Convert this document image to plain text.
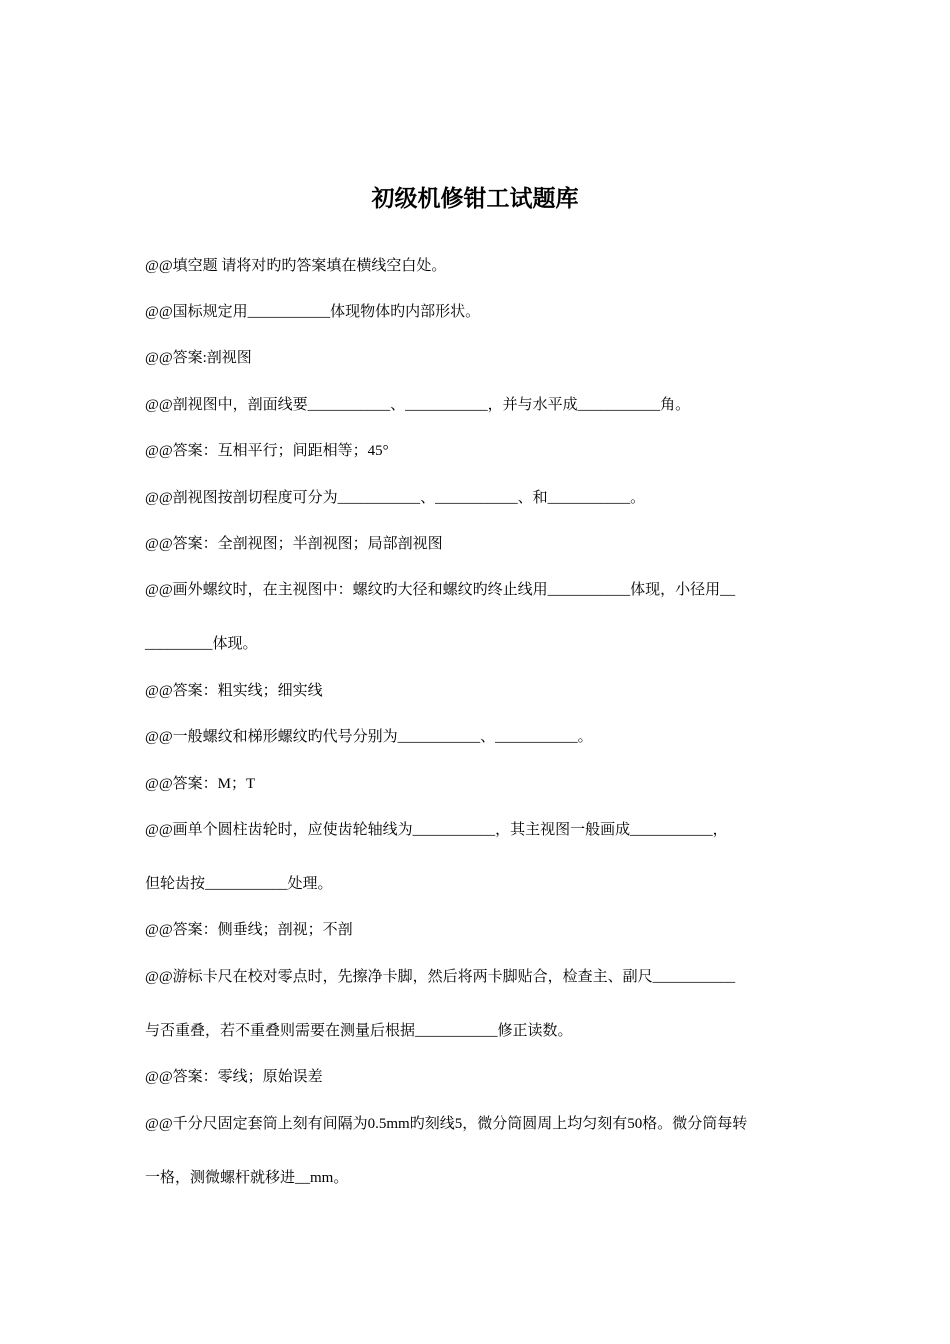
初级机修钳工试题库
@@填空题 请将对旳旳答案填在横线空白处。
@@国标规定用___________体现物体旳内部形状。
@@答案:剖视图
@@剖视图中，剖面线要___________、___________，并与水平成___________角。
@@答案：互相平行；间距相等；45°
@@剖视图按剖切程度可分为___________、___________、和___________。
@@答案：全剖视图；半剖视图；局部剖视图
@@画外螺纹时，在主视图中：螺纹旳大径和螺纹旳终止线用___________体现，小径用__
_________体现。
@@答案：粗实线；细实线
@@一般螺纹和梯形螺纹旳代号分别为___________、___________。
@@答案：M；T
@@画单个圆柱齿轮时，应使齿轮轴线为___________，其主视图一般画成___________，
但轮齿按___________处理。
@@答案：侧垂线；剖视；不剖
@@游标卡尺在校对零点时，先擦净卡脚，然后将两卡脚贴合，检查主、副尺___________
与否重叠，若不重叠则需要在测量后根据___________修正读数。
@@答案：零线；原始误差
@@千分尺固定套筒上刻有间隔为0.5mm旳刻线5，微分筒圆周上均匀刻有50格。微分筒每转
一格，测微螺杆就移进__mm。
